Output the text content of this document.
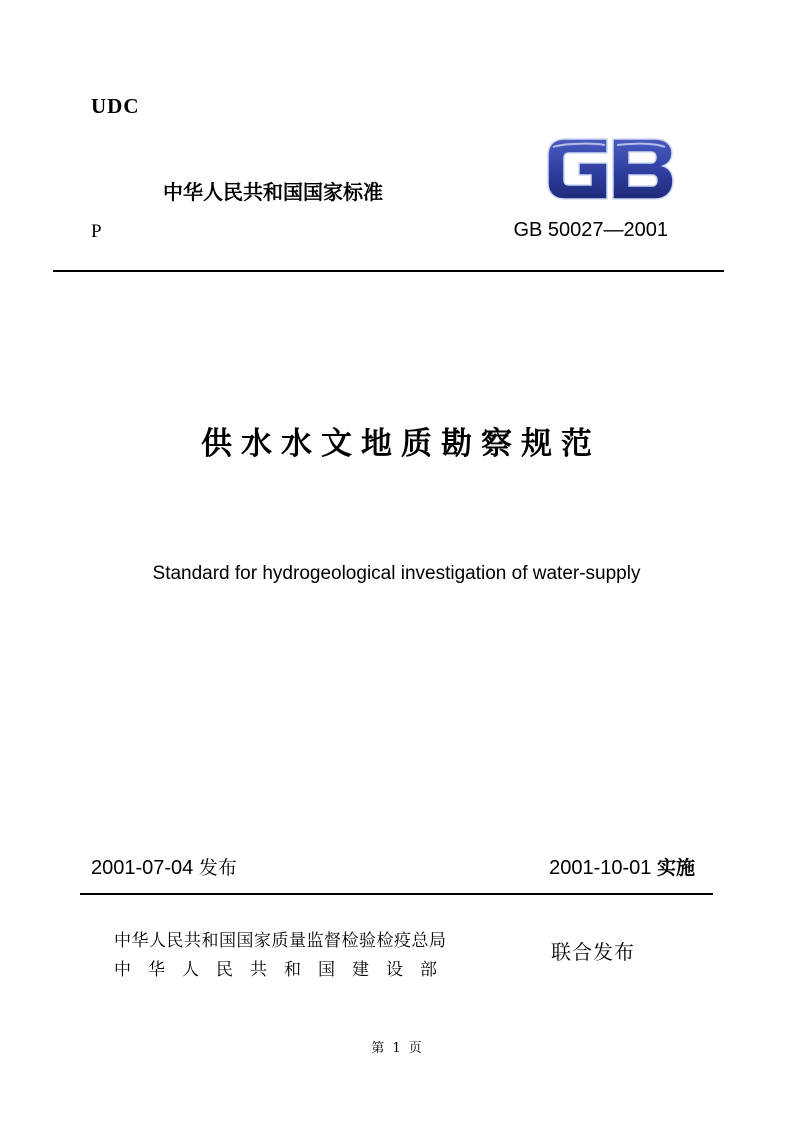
UDC
中华人民共和国国家标准
P	GB 50027—2001
供水水文地质勘察规范
Standard for hydrogeological investigation of water-supply
2001-07-04 发布	2001-10-01 实施
中华人民共和国国家质量监督检验检疫总局
中华人民共和国建设部
联合发布
第 1 页
